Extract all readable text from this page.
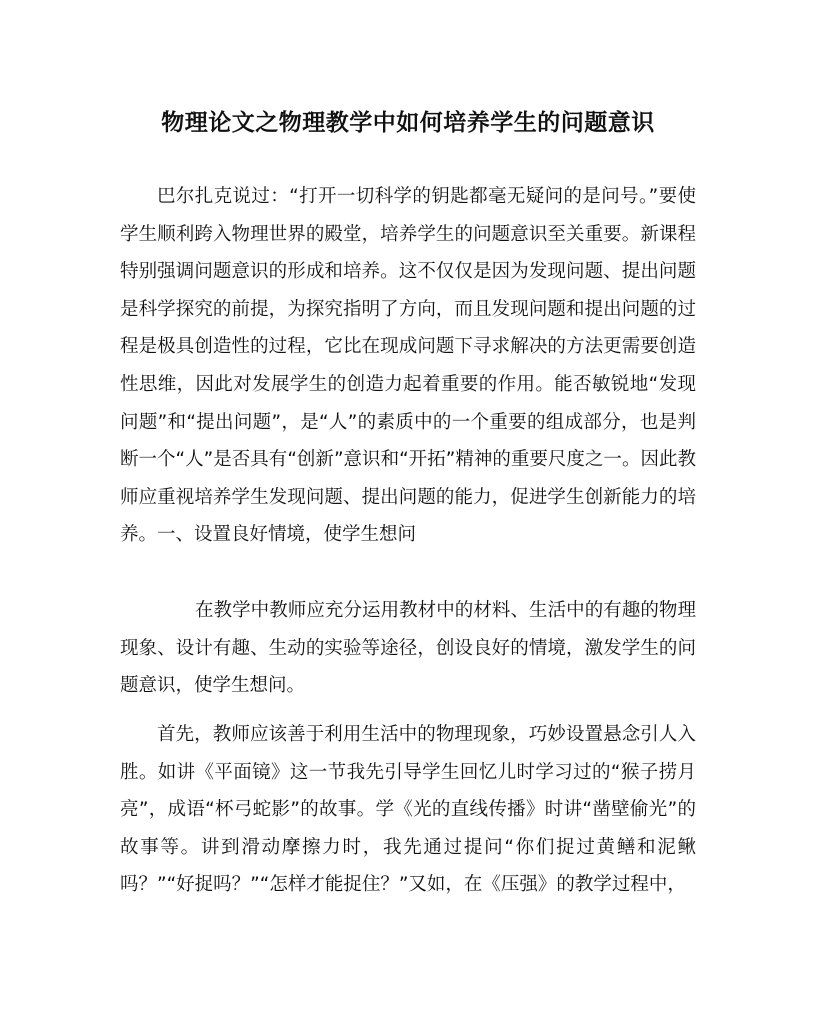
物理论文之物理教学中如何培养学生的问题意识

巴尔扎克说过：“打开一切科学的钥匙都毫无疑问的是问号。”要使学生顺利跨入物理世界的殿堂，培养学生的问题意识至关重要。新课程特别强调问题意识的形成和培养。这不仅仅是因为发现问题、提出问题是科学探究的前提，为探究指明了方向，而且发现问题和提出问题的过程是极具创造性的过程，它比在现成问题下寻求解决的方法更需要创造性思维，因此对发展学生的创造力起着重要的作用。能否敏锐地“发现问题”和“提出问题”，是“人”的素质中的一个重要的组成部分，也是判断一个“人”是否具有“创新”意识和“开拓”精神的重要尺度之一。因此教师应重视培养学生发现问题、提出问题的能力，促进学生创新能力的培养。一、设置良好情境，使学生想问

在教学中教师应充分运用教材中的材料、生活中的有趣的物理现象、设计有趣、生动的实验等途径，创设良好的情境，激发学生的问题意识，使学生想问。

首先，教师应该善于利用生活中的物理现象，巧妙设置悬念引人入胜。如讲《平面镜》这一节我先引导学生回忆儿时学习过的“猴子捞月亮”，成语“杯弓蛇影”的故事。学《光的直线传播》时讲“凿壁偷光”的故事等。讲到滑动摩擦力时，我先通过提问“你们捉过黄鳝和泥鳅吗？”“好捉吗？”“怎样才能捉住？”又如，在《压强》的教学过程中，
